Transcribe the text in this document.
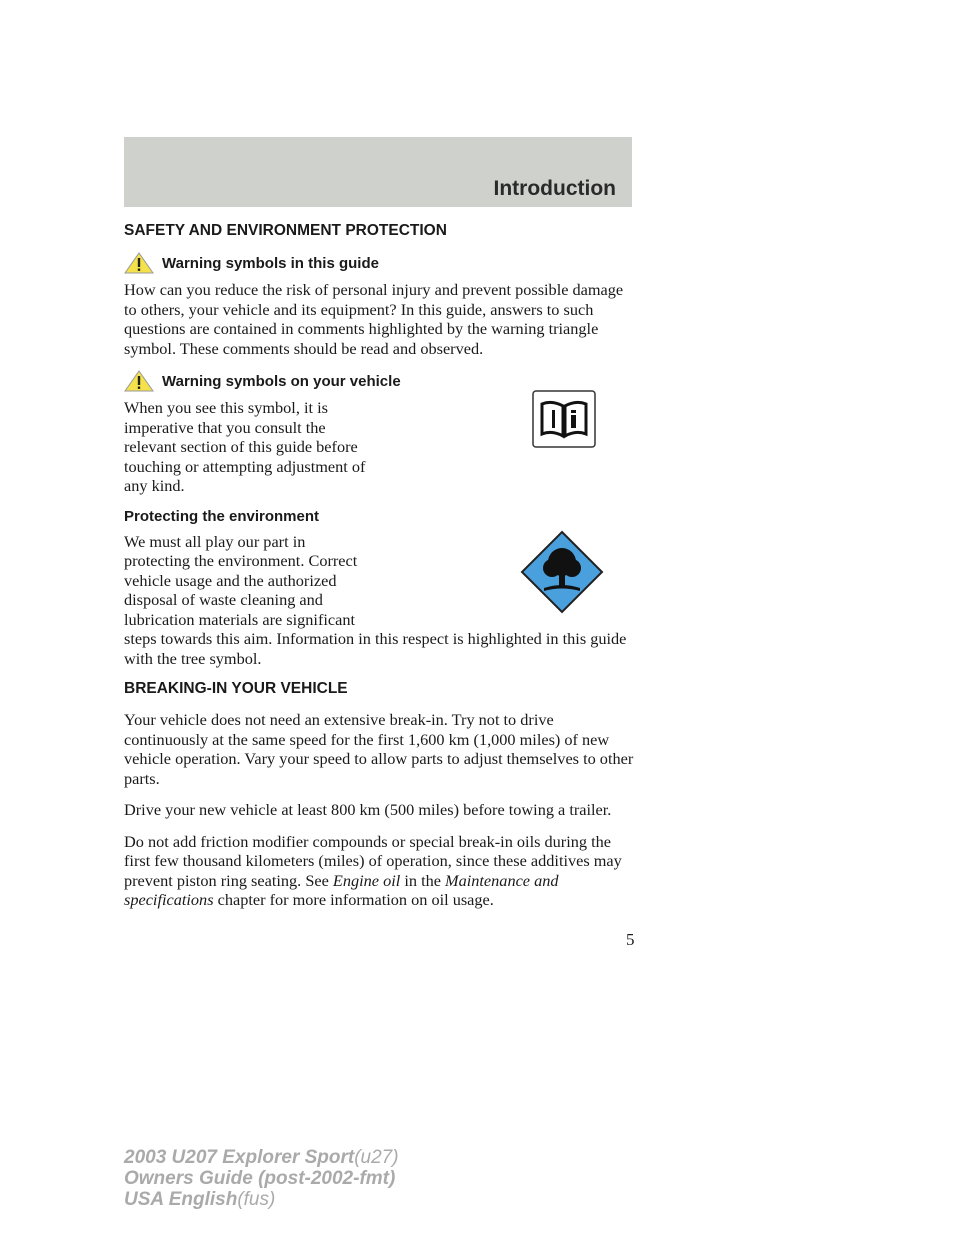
Introduction
SAFETY AND ENVIRONMENT PROTECTION
Warning symbols in this guide

How can you reduce the risk of personal injury and prevent possible damage to others, your vehicle and its equipment? In this guide, answers to such questions are contained in comments highlighted by the warning triangle symbol. These comments should be read and observed.

Warning symbols on your vehicle

When you see this symbol, it is imperative that you consult the relevant section of this guide before touching or attempting adjustment of any kind.

Protecting the environment

We must all play our part in protecting the environment. Correct vehicle usage and the authorized disposal of waste cleaning and lubrication materials are significant

steps towards this aim. Information in this respect is highlighted in this guide with the tree symbol.

BREAKING-IN YOUR VEHICLE

Your vehicle does not need an extensive break-in. Try not to drive continuously at the same speed for the first 1,600 km (1,000 miles) of new vehicle operation. Vary your speed to allow parts to adjust themselves to other parts.

Drive your new vehicle at least 800 km (500 miles) before towing a trailer.

Do not add friction modifier compounds or special break-in oils during the first few thousand kilometers (miles) of operation, since these additives may prevent piston ring seating. See Engine oil in the Maintenance and specifications chapter for more information on oil usage.

5
2003 U207 Explorer Sport(u27)
Owners Guide (post-2002-fmt)
USA English(fus)
